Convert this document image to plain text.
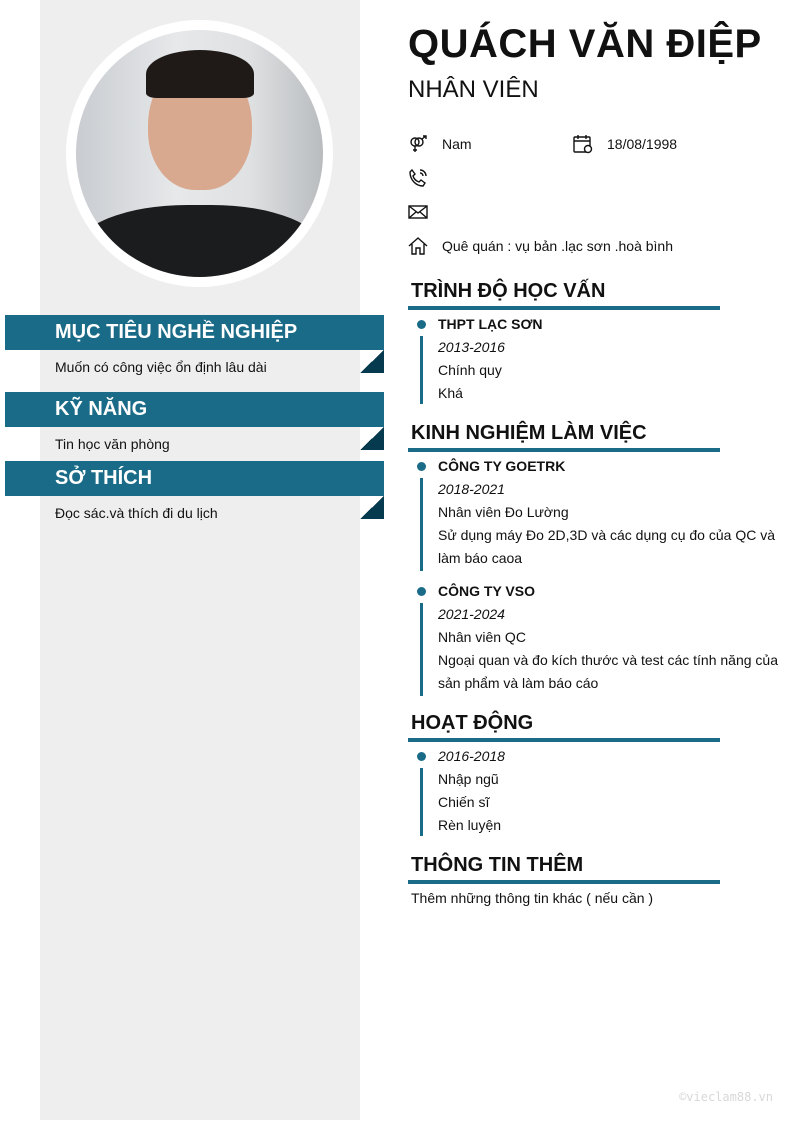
MỤC TIÊU NGHỀ NGHIỆP
Muốn có công việc ổn định lâu dài
KỸ NĂNG
Tin học văn phòng
SỞ THÍCH
Đọc sác.và thích đi du lịch
QUÁCH VĂN ĐIỆP
NHÂN VIÊN
Nam	18/08/1998
Quê quán : vụ bản .lạc sơn .hoà bình
TRÌNH ĐỘ HỌC VẤN
THPT LẠC SƠN
2013-2016
Chính quy
Khá
KINH NGHIỆM LÀM VIỆC
CÔNG TY GOETRK
2018-2021
Nhân viên Đo Lường
Sử dụng máy Đo 2D,3D và các dụng cụ đo của QC và làm báo caoa
CÔNG TY VSO
2021-2024
Nhân viên QC
Ngoại quan và đo kích thước và test các tính năng của sản phẩm và làm báo cáo
HOẠT ĐỘNG
2016-2018
Nhập ngũ
Chiến sĩ
Rèn luyện
THÔNG TIN THÊM
Thêm những thông tin khác ( nếu cần )
©vieclam88.vn
